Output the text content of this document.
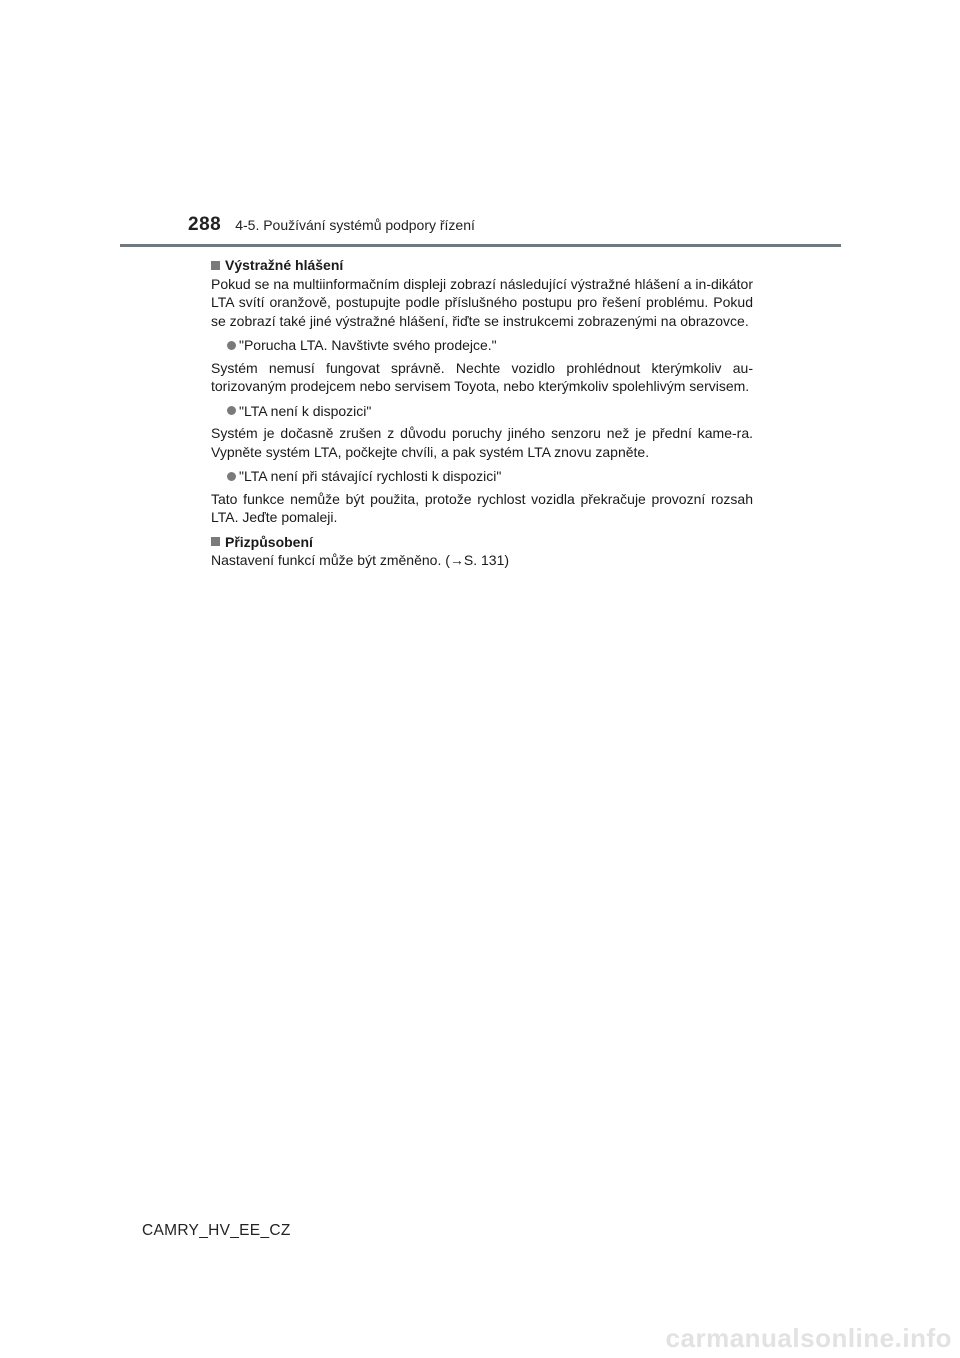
288 4-5. Používání systémů podpory řízení
Výstražné hlášení

Pokud se na multiinformačním displeji zobrazí následující výstražné hlášení a in-dikátor LTA svítí oranžově, postupujte podle příslušného postupu pro řešení problému. Pokud se zobrazí také jiné výstražné hlášení, řiďte se instrukcemi zobrazenými na obrazovce.

"Porucha LTA. Navštivte svého prodejce."

Systém nemusí fungovat správně. Nechte vozidlo prohlédnout kterýmkoliv au-torizovaným prodejcem nebo servisem Toyota, nebo kterýmkoliv spolehlivým servisem.

"LTA není k dispozici"

Systém je dočasně zrušen z důvodu poruchy jiného senzoru než je přední kame-ra. Vypněte systém LTA, počkejte chvíli, a pak systém LTA znovu zapněte.

"LTA není při stávající rychlosti k dispozici"

Tato funkce nemůže být použita, protože rychlost vozidla překračuje provozní rozsah LTA. Jeďte pomaleji.

Přizpůsobení

Nastavení funkcí může být změněno. (→S. 131)

CAMRY_HV_EE_CZ
carmanualsonline.info
